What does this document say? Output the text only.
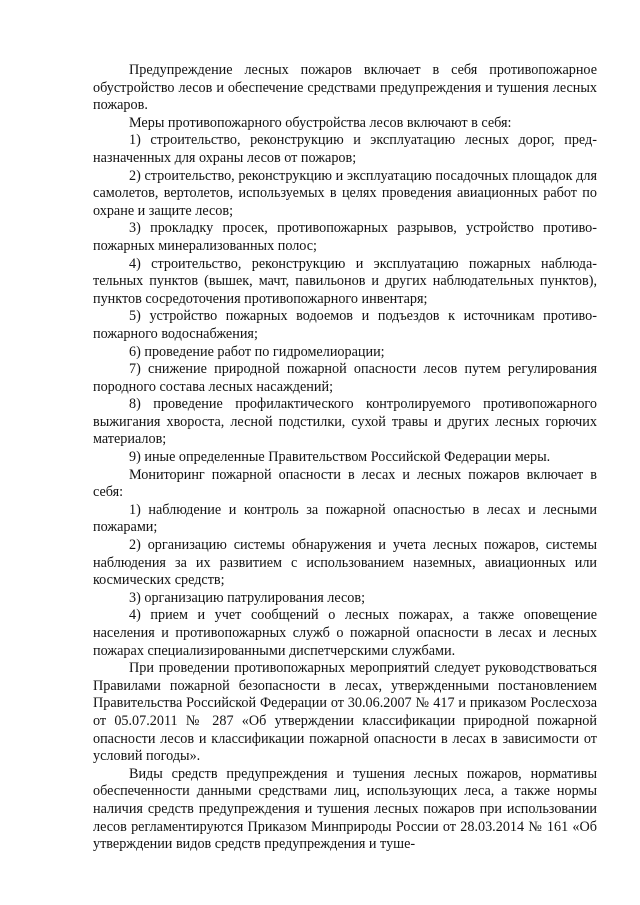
Предупреждение лесных пожаров включает в себя противопожарное обустройство лесов и обеспечение средствами предупреждения и тушения лесных пожаров.

Меры противопожарного обустройства лесов включают в себя:

1) строительство, реконструкцию и эксплуатацию лесных дорог, предназначенных для охраны лесов от пожаров;

2) строительство, реконструкцию и эксплуатацию посадочных площадок для самолетов, вертолетов, используемых в целях проведения авиационных работ по охране и защите лесов;

3) прокладку просек, противопожарных разрывов, устройство противопожарных минерализованных полос;

4) строительство, реконструкцию и эксплуатацию пожарных наблюдательных пунктов (вышек, мачт, павильонов и других наблюдательных пунктов), пунктов сосредоточения противопожарного инвентаря;

5) устройство пожарных водоемов и подъездов к источникам противопожарного водоснабжения;

6) проведение работ по гидромелиорации;

7) снижение природной пожарной опасности лесов путем регулирования породного состава лесных насаждений;

8) проведение профилактического контролируемого противопожарного выжигания хвороста, лесной подстилки, сухой травы и других лесных горючих материалов;

9) иные определенные Правительством Российской Федерации меры.

Мониторинг пожарной опасности в лесах и лесных пожаров включает в себя:

1) наблюдение и контроль за пожарной опасностью в лесах и лесными пожарами;

2) организацию системы обнаружения и учета лесных пожаров, системы наблюдения за их развитием с использованием наземных, авиационных или космических средств;

3) организацию патрулирования лесов;

4) прием и учет сообщений о лесных пожарах, а также оповещение населения и противопожарных служб о пожарной опасности в лесах и лесных пожарах специализированными диспетчерскими службами.

При проведении противопожарных мероприятий следует руководствоваться Правилами пожарной безопасности в лесах, утвержденными постановлением Правительства Российской Федерации от 30.06.2007 № 417 и приказом Рослесхоза от 05.07.2011 № 287 «Об утверждении классификации природной пожарной опасности лесов и классификации пожарной опасности в лесах в зависимости от условий погоды».

Виды средств предупреждения и тушения лесных пожаров, нормативы обеспеченности данными средствами лиц, использующих леса, а также нормы наличия средств предупреждения и тушения лесных пожаров при использовании лесов регламентируются Приказом Минприроды России от 28.03.2014 № 161 «Об утверждении видов средств предупреждения и туше-
